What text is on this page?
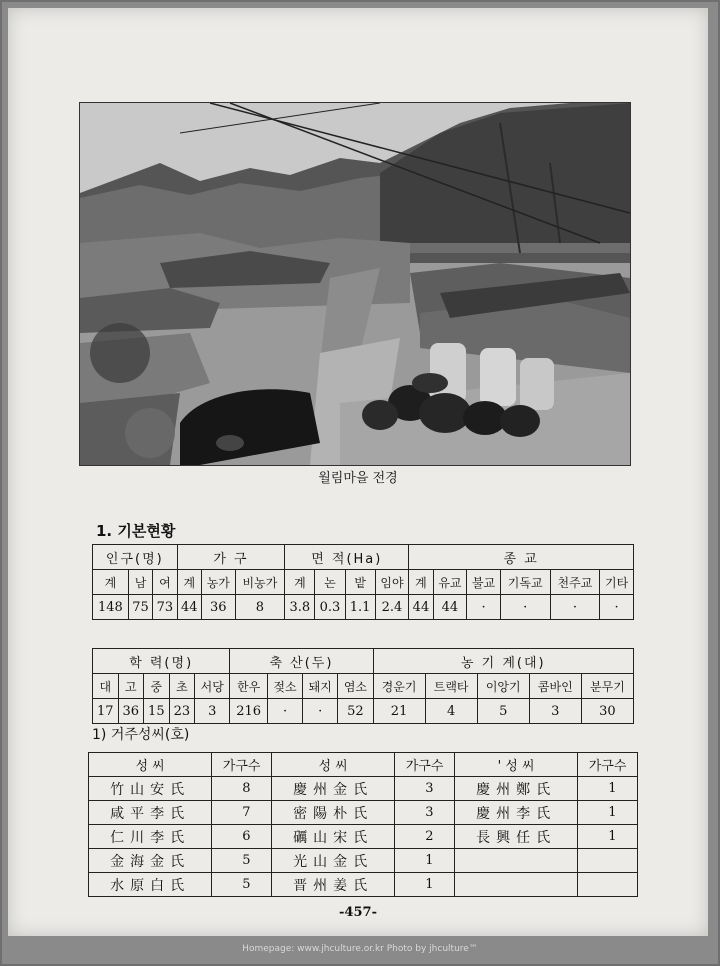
월림마을 전경
1. 기본현황
인구(명)			가 구			면 적(Ha)				종 교					
계	남	여	계	농가	비농가	계	논	밭	임야	계	유교	불교	기독교	천주교	기타
148	75	73	44	36	8	3.8	0.3	1.1	2.4	44	44	·	·	·	·
학 력(명)					축 산(두)				농 기 계(대)				
대	고	중	초	서당	한우	젖소	돼지	염소	경운기	트랙타	이앙기	콤바인	분무기
17	36	15	23	3	216	·	·	52	21	4	5	3	30
1) 거주성씨(호)
성 씨	가구수	성 씨	가구수	' 성 씨	가구수
竹山安氏	8	慶州金氏	3	慶州鄭氏	1
咸平李氏	7	密陽朴氏	3	慶州李氏	1
仁川李氏	6	礪山宋氏	2	長興任氏	1
金海金氏	5	光山金氏	1		
水原白氏	5	晋州姜氏	1		
-457-
Homepage: www.jhculture.or.kr Photo by jhculture™
